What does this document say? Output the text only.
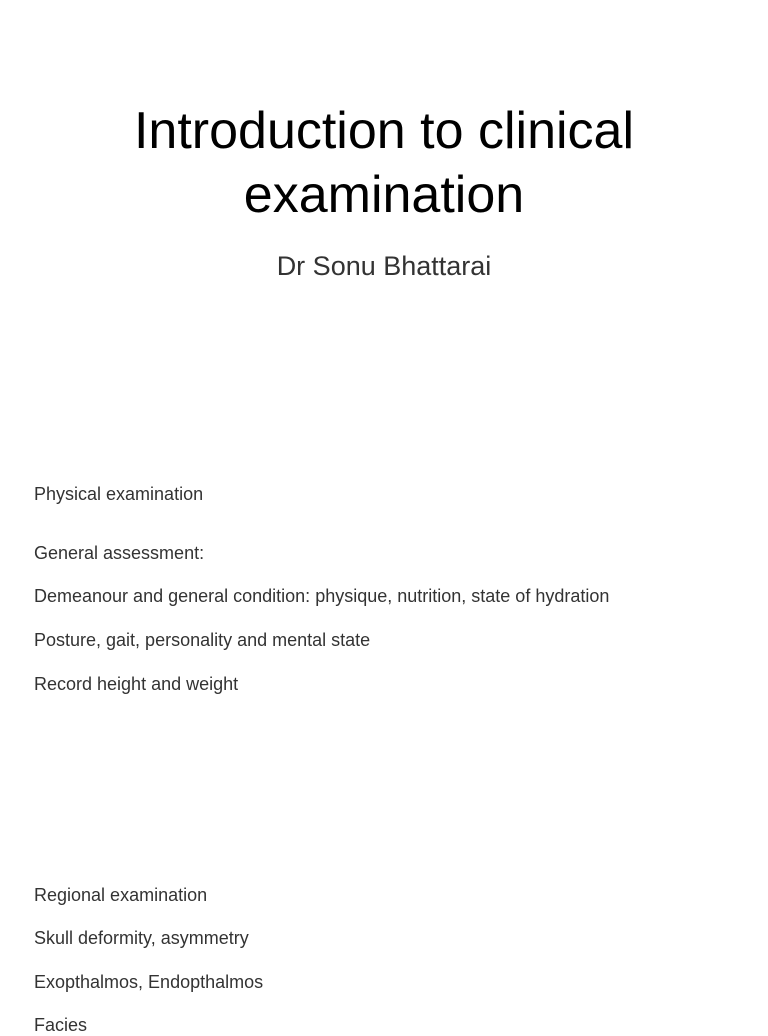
Introduction to clinical
examination
Dr Sonu Bhattarai
Physical examination
General assessment:
Demeanour and general condition: physique, nutrition, state of hydration
Posture, gait, personality and mental state
Record height and weight
Regional examination
Skull deformity, asymmetry
Exopthalmos, Endopthalmos
Facies
